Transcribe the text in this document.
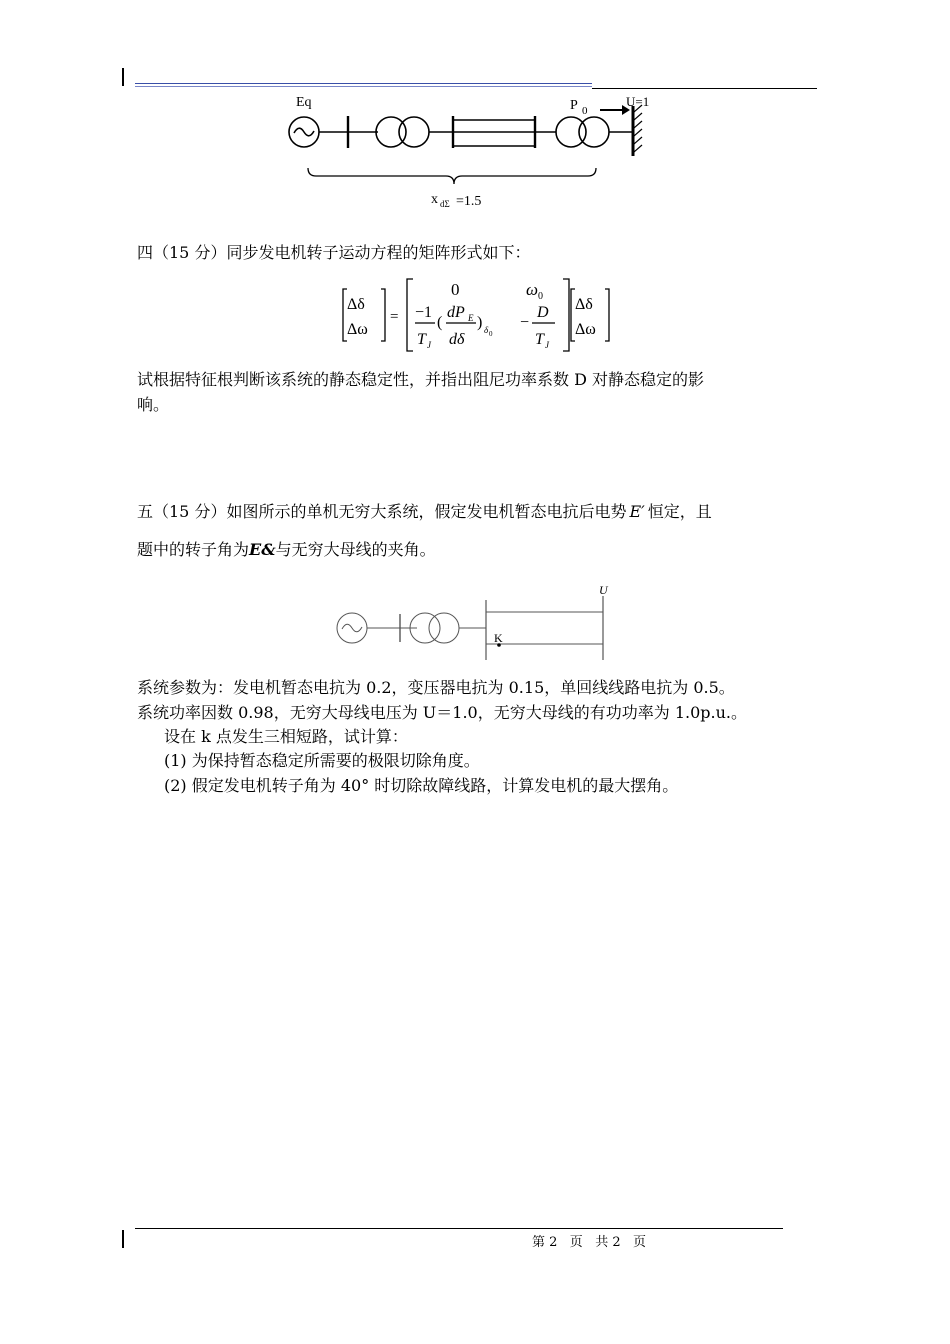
Eq	P 0
U=1
x dΣ =1.5
四（15 分）同步发电机转子运动方程的矩阵形式如下：
Δδ
Δω
=
0	ω 0
−1
T J
(
dP E
dδ
) δ 0
−
D
T J
Δδ
Δω
试根据特征根判断该系统的静态稳定性，并指出阻尼功率系数 D 对静态稳定的影
响。
五（15 分）如图所示的单机无穷大系统，假定发电机暂态电抗后电势 E′ 恒定，且
题中的转子角为E&与无穷大母线的夹角。
U
K
系统参数为：发电机暂态电抗为 0.2，变压器电抗为 0.15，单回线线路电抗为 0.5。
系统功率因数 0.98，无穷大母线电压为 U＝1.0，无穷大母线的有功功率为 1.0p.u.。
设在 k 点发生三相短路，试计算：
(1) 为保持暂态稳定所需要的极限切除角度。
(2) 假定发电机转子角为 40° 时切除故障线路，计算发电机的最大摆角。
第 2   页   共 2   页
